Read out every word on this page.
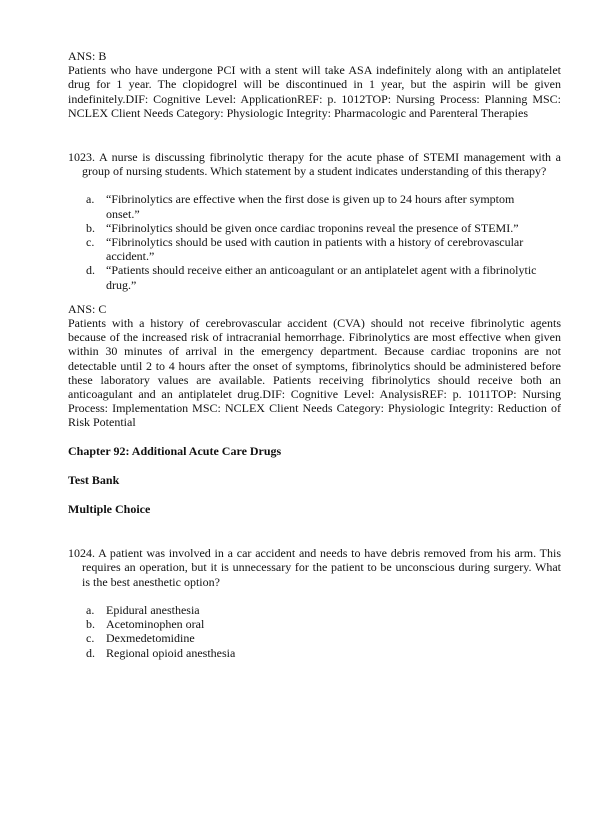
ANS: B

Patients who have undergone PCI with a stent will take ASA indefinitely along with an antiplatelet drug for 1 year. The clopidogrel will be discontinued in 1 year, but the aspirin will be given indefinitely.DIF: Cognitive Level: ApplicationREF: p. 1012TOP: Nursing Process: Planning MSC: NCLEX Client Needs Category: Physiologic Integrity: Pharmacologic and Parenteral Therapies

1023. A nurse is discussing fibrinolytic therapy for the acute phase of STEMI management with a group of nursing students. Which statement by a student indicates understanding of this therapy?

a. “Fibrinolytics are effective when the first dose is given up to 24 hours after symptom onset.”
b. “Fibrinolytics should be given once cardiac troponins reveal the presence of STEMI.”
c. “Fibrinolytics should be used with caution in patients with a history of cerebrovascular accident.”
d. “Patients should receive either an anticoagulant or an antiplatelet agent with a fibrinolytic drug.”

ANS: C

Patients with a history of cerebrovascular accident (CVA) should not receive fibrinolytic agents because of the increased risk of intracranial hemorrhage. Fibrinolytics are most effective when given within 30 minutes of arrival in the emergency department. Because cardiac troponins are not detectable until 2 to 4 hours after the onset of symptoms, fibrinolytics should be administered before these laboratory values are available. Patients receiving fibrinolytics should receive both an anticoagulant and an antiplatelet drug.DIF: Cognitive Level: AnalysisREF: p. 1011TOP: Nursing Process: Implementation MSC: NCLEX Client Needs Category: Physiologic Integrity: Reduction of Risk Potential

Chapter 92: Additional Acute Care Drugs

Test Bank

Multiple Choice

1024. A patient was involved in a car accident and needs to have debris removed from his arm. This requires an operation, but it is unnecessary for the patient to be unconscious during surgery. What is the best anesthetic option?

a. Epidural anesthesia
b. Acetominophen oral
c. Dexmedetomidine
d. Regional opioid anesthesia
